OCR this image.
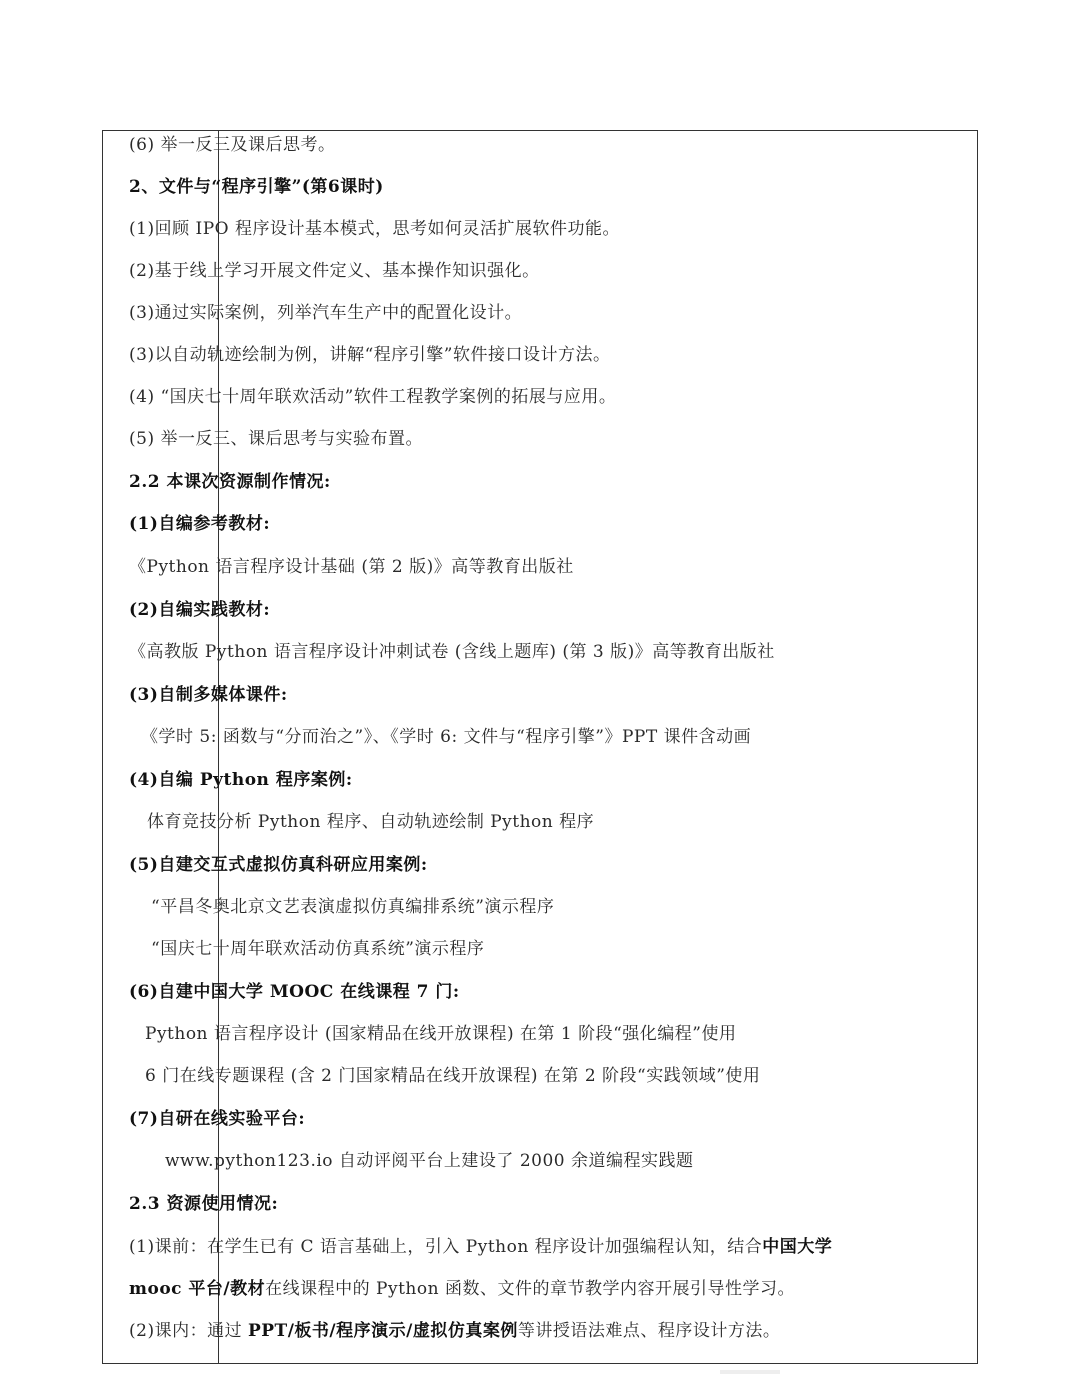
(6) 举一反三及课后思考。
2、文件与“程序引擎”(第6课时)
(1)回顾 IPO 程序设计基本模式，思考如何灵活扩展软件功能。
(2)基于线上学习开展文件定义、基本操作知识强化。
(3)通过实际案例，列举汽车生产中的配置化设计。
(3)以自动轨迹绘制为例，讲解“程序引擎”软件接口设计方法。
(4) “国庆七十周年联欢活动”软件工程教学案例的拓展与应用。
(5) 举一反三、课后思考与实验布置。
2.2 本课次资源制作情况:
(1)自编参考教材:
《Python 语言程序设计基础 (第 2 版)》高等教育出版社
(2)自编实践教材:
《高教版 Python 语言程序设计冲刺试卷 (含线上题库) (第 3 版)》高等教育出版社
(3)自制多媒体课件:
《学时 5: 函数与“分而治之”》、《学时 6: 文件与“程序引擎”》PPT 课件含动画
(4)自编 Python 程序案例:
体育竞技分析 Python 程序、自动轨迹绘制 Python 程序
(5)自建交互式虚拟仿真科研应用案例:
“平昌冬奥北京文艺表演虚拟仿真编排系统”演示程序
“国庆七十周年联欢活动仿真系统”演示程序
(6)自建中国大学 MOOC 在线课程 7 门:
Python 语言程序设计 (国家精品在线开放课程) 在第 1 阶段“强化编程”使用
6 门在线专题课程 (含 2 门国家精品在线开放课程) 在第 2 阶段“实践领域”使用
(7)自研在线实验平台:
www.python123.io 自动评阅平台上建设了 2000 余道编程实践题
2.3 资源使用情况:
(1)课前：在学生已有 C 语言基础上，引入 Python 程序设计加强编程认知，结合中国大学
mooc 平台/教材在线课程中的 Python 函数、文件的章节教学内容开展引导性学习。
(2)课内：通过 PPT/板书/程序演示/虚拟仿真案例等讲授语法难点、程序设计方法。
